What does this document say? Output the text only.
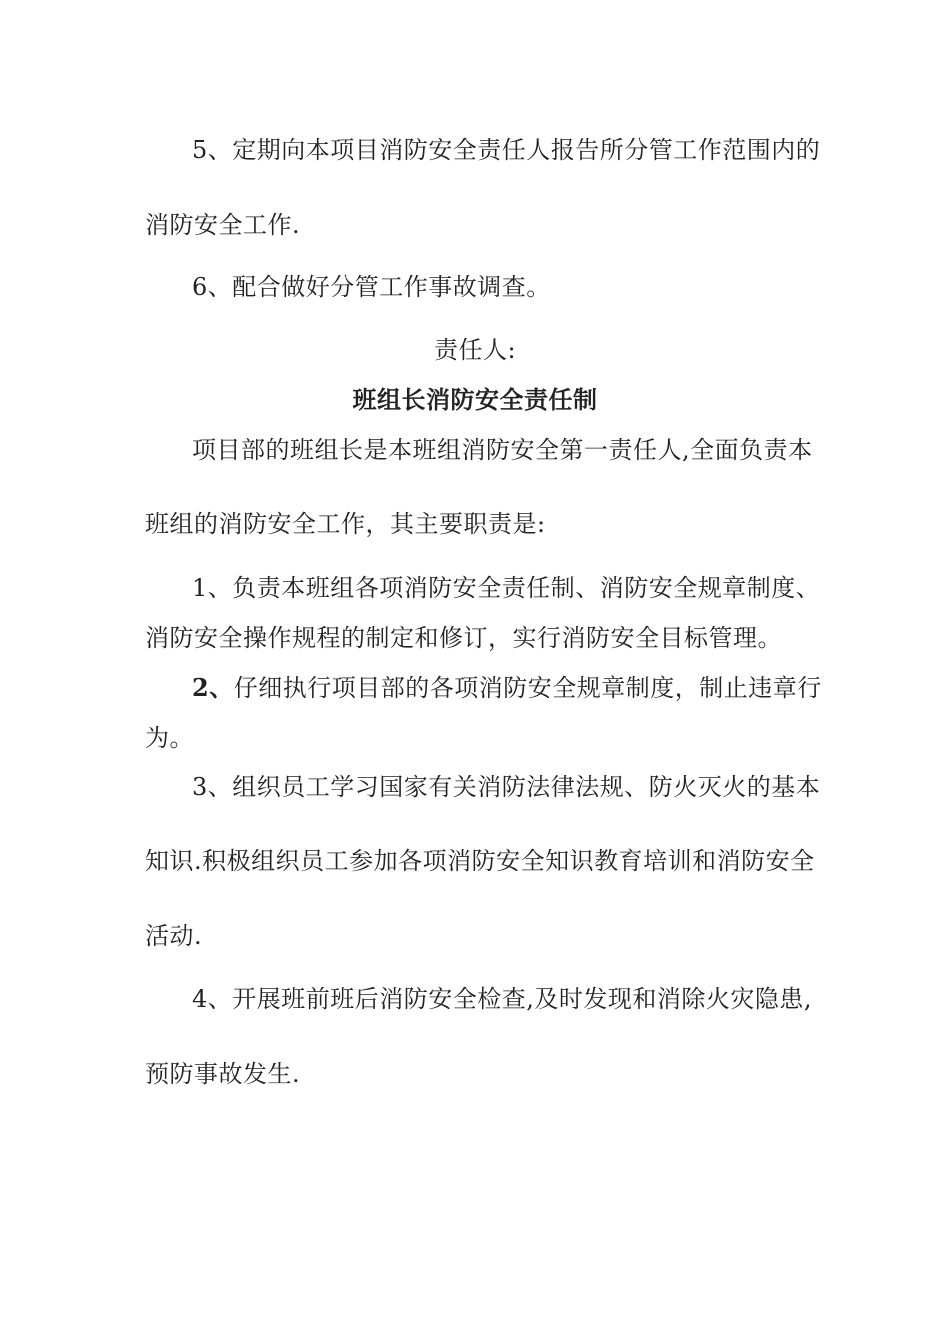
5、定期向本项目消防安全责任人报告所分管工作范围内的
消防安全工作.
6、配合做好分管工作事故调查。
责任人:
班组长消防安全责任制
项目部的班组长是本班组消防安全第一责任人,全面负责本
班组的消防安全工作，其主要职责是:
1、负责本班组各项消防安全责任制、消防安全规章制度、
消防安全操作规程的制定和修订，实行消防安全目标管理。
2、仔细执行项目部的各项消防安全规章制度，制止违章行
为。
3、组织员工学习国家有关消防法律法规、防火灭火的基本
知识.积极组织员工参加各项消防安全知识教育培训和消防安全
活动.
4、开展班前班后消防安全检查,及时发现和消除火灾隐患,
预防事故发生.
